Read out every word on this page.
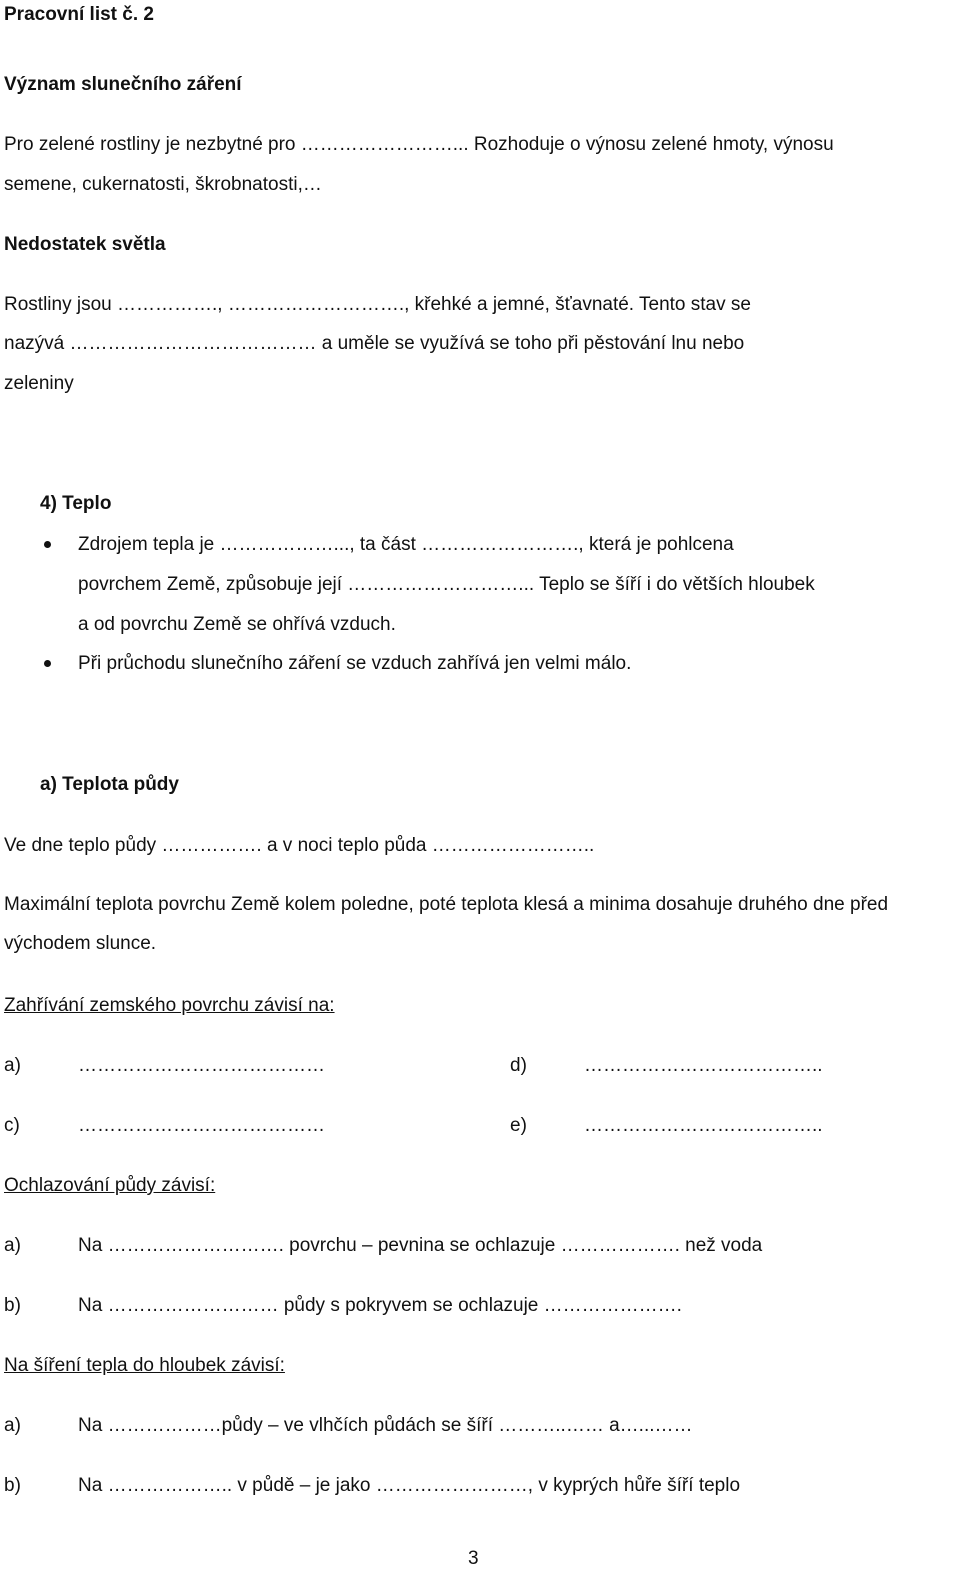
Pracovní list č. 2
Význam slunečního záření
Pro zelené rostliny je nezbytné pro ……………………... Rozhoduje o výnosu zelené hmoty, výnosu
semene, cukernatosti, škrobnatosti,…
Nedostatek světla
Rostliny jsou ……………., ………………………., křehké a jemné, šťavnaté. Tento stav se
nazývá ………………………………… a uměle se využívá se toho při pěstování lnu nebo
zeleniny
4) Teplo
Zdrojem tepla je ………………..., ta část ……………………., která je pohlcena
povrchem Země, způsobuje její ………………………... Teplo se šíří i do větších hloubek
a od povrchu Země se ohřívá vzduch.
Při průchodu slunečního záření se vzduch zahřívá jen velmi málo.
a) Teplota půdy
Ve dne teplo půdy ……………. a v noci teplo půda ……………………..
Maximální teplota povrchu Země kolem poledne, poté teplota klesá a minima dosahuje druhého dne před
východem slunce.
Zahřívání zemského povrchu závisí na:
a)	…………………………………	d)	………………………………..
c)	…………………………………	e)	………………………………..
Ochlazování půdy závisí:
a)	Na ………………………. povrchu – pevnina se ochlazuje ………………. než voda
b)	Na ……………………… půdy s pokryvem se ochlazuje ………………….
Na šíření tepla do hloubek závisí:
a)	Na ………………půdy – ve vlhčích půdách se šíří ………..…… a…...……
b)	Na ……………….. v půdě – je jako ……………………, v kyprých hůře šíří teplo
3
